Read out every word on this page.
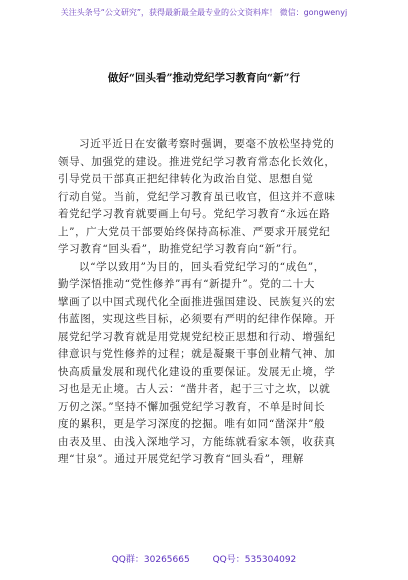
关注头条号“公文研究”，获得最新最全最专业的公文资料库！ 微信：gongwenyj
做好“回头看”推动党纪学习教育向“新”行
习近平近日在安徽考察时强调，要毫不放松坚持党的
领导、加强党的建设。推进党纪学习教育常态化长效化，
引导党员干部真正把纪律转化为政治自觉、思想自觉
行动自觉。当前，党纪学习教育虽已收官，但这并不意味
着党纪学习教育就要画上句号。党纪学习教育“永远在路
上”，广大党员干部要始终保持高标准、严要求开展党纪
学习教育“回头看”，助推党纪学习教育向“新”行。
以“学以致用”为目的，回头看党纪学习的“成色”，
勤学深悟推动“党性修养”再有“新提升”。党的二十大
擘画了以中国式现代化全面推进强国建设、民族复兴的宏
伟蓝图，实现这些目标，必须要有严明的纪律作保障。开
展党纪学习教育就是用党规党纪校正思想和行动、增强纪
律意识与党性修养的过程；就是凝聚干事创业精气神、加
快高质量发展和现代化建设的重要保证。发展无止境，学
习也是无止境。古人云：“凿井者，起于三寸之坎，以就
万仞之深。”坚持不懈加强党纪学习教育，不单是时间长
度的累积，更是学习深度的挖掘。唯有如同“凿深井”般
由表及里、由浅入深地学习，方能练就看家本领，收获真
理“甘泉”。通过开展党纪学习教育“回头看”，理解
QQ群：30265665	QQ号：535304092
